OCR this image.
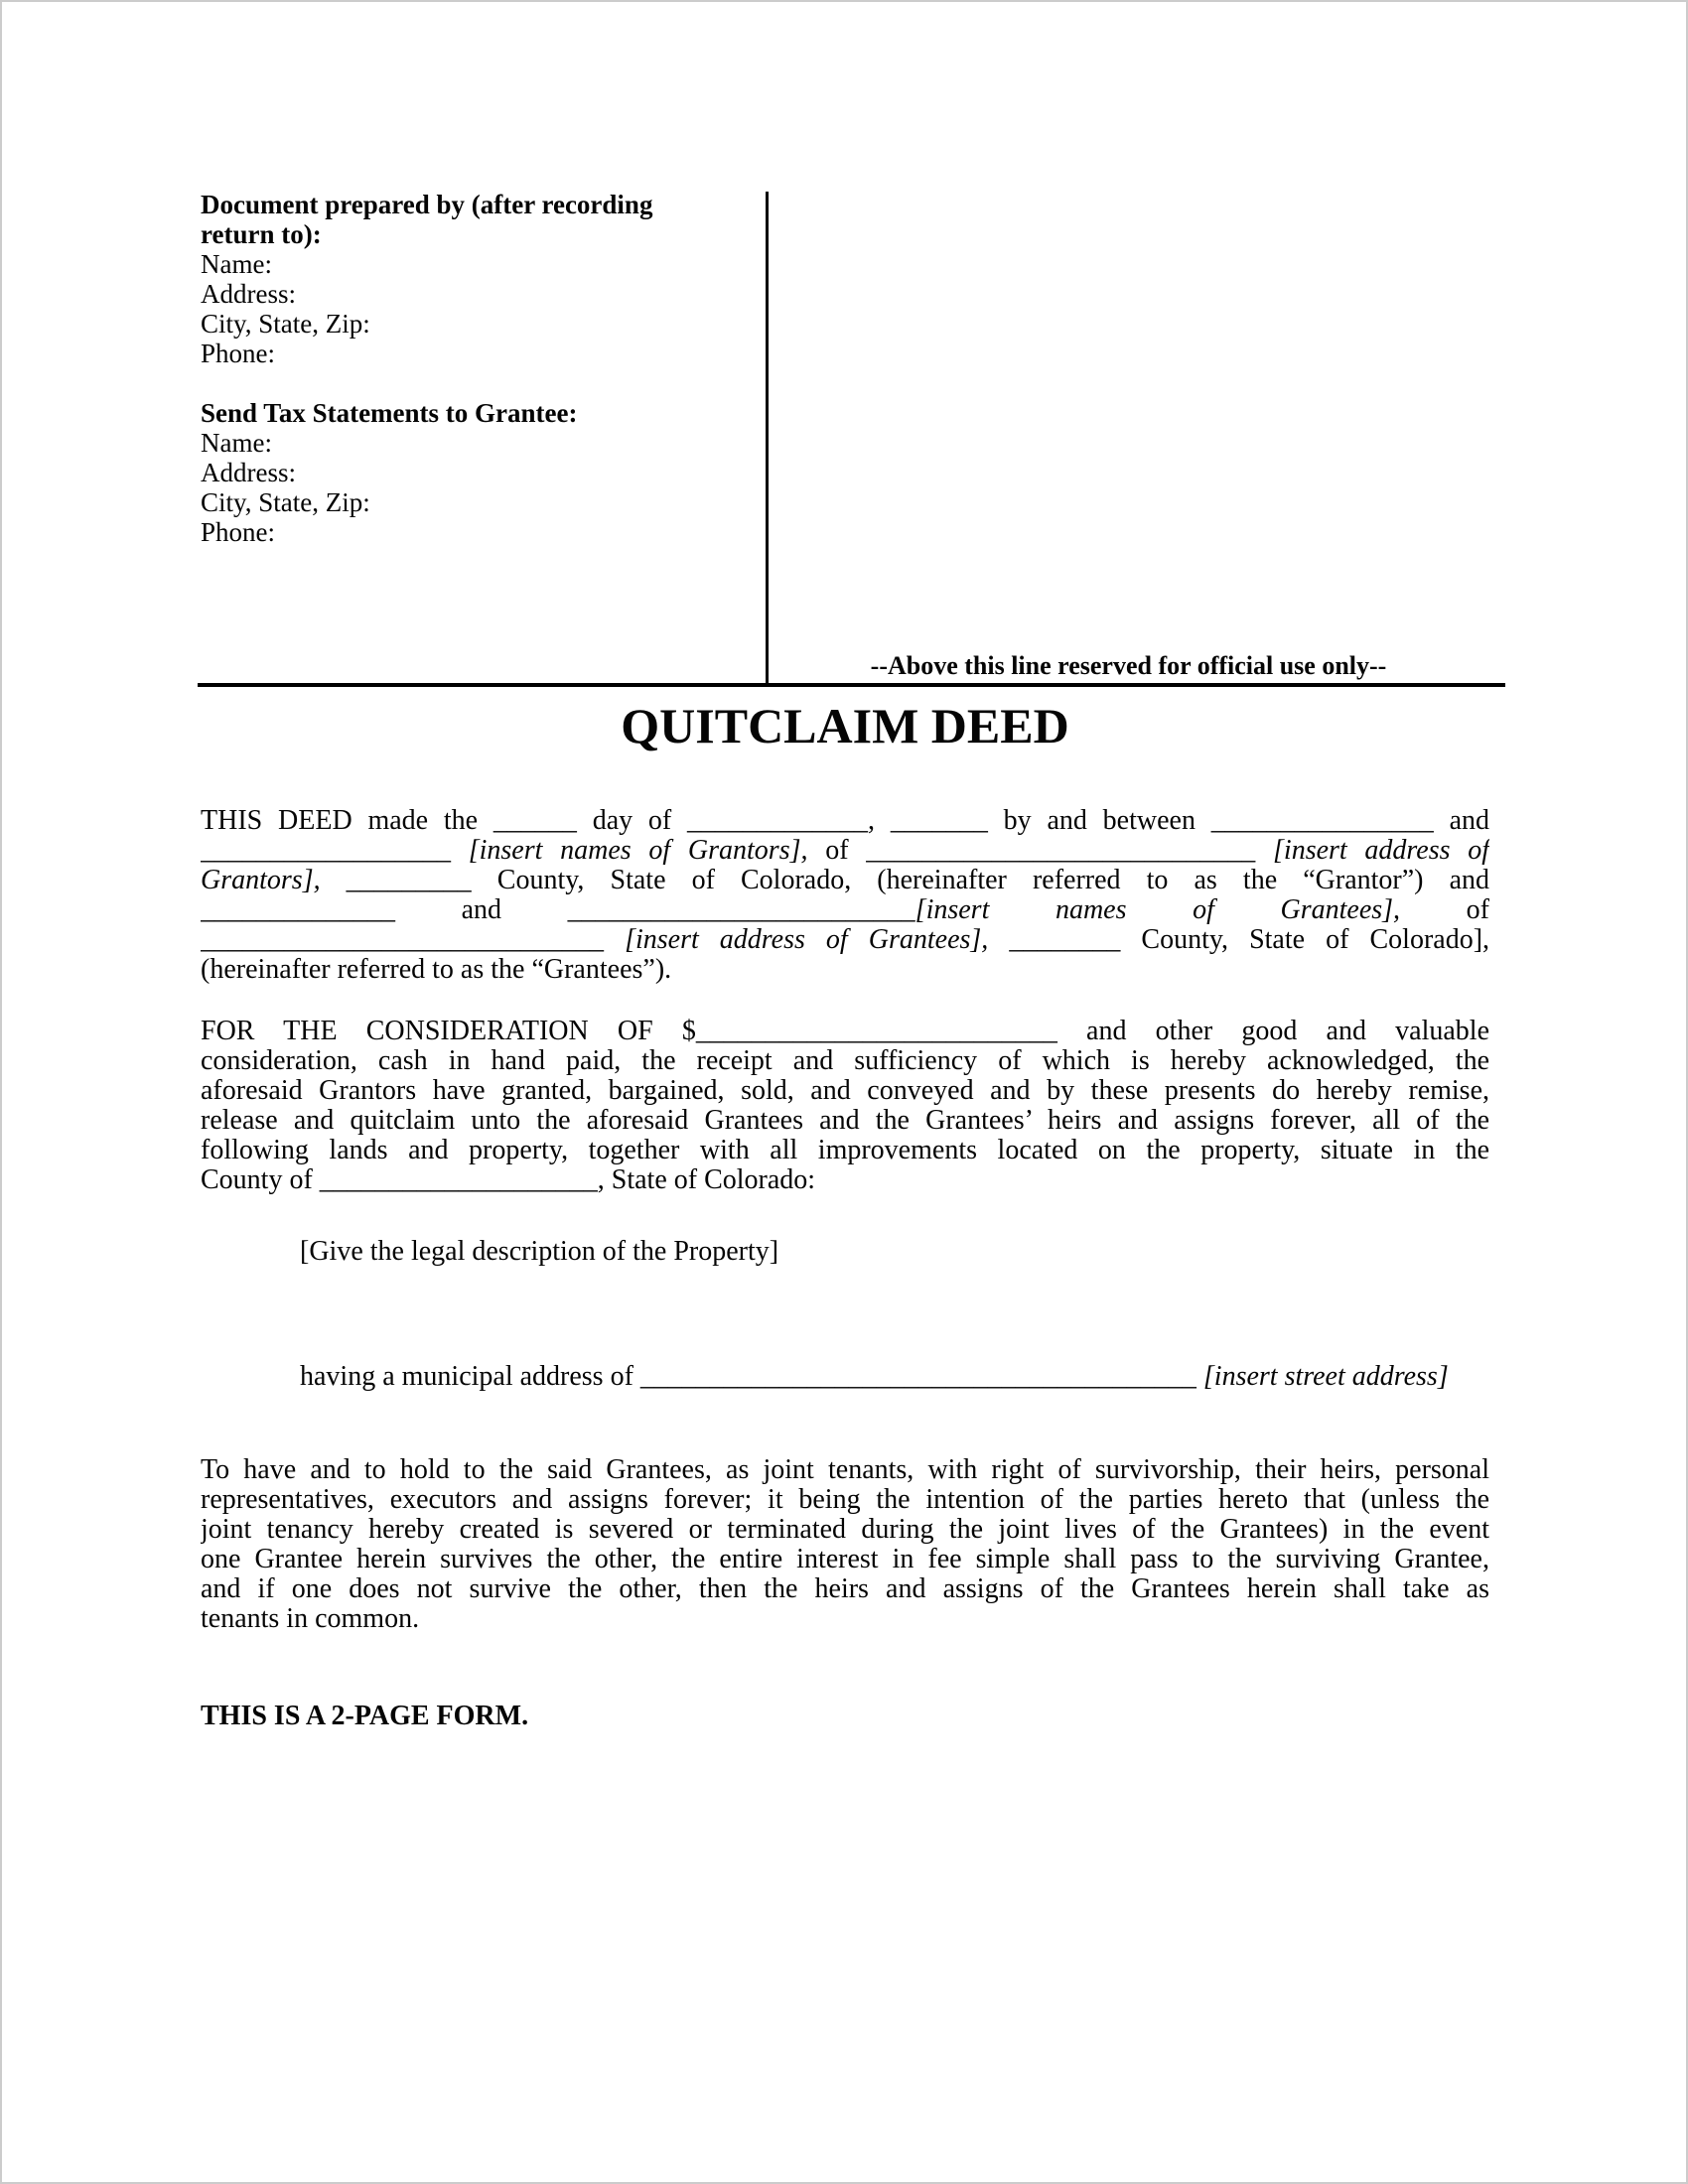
Document prepared by (after recording
return to):
Name:
Address:
City, State, Zip:
Phone:
Send Tax Statements to Grantee:
Name:
Address:
City, State, Zip:
Phone:
--Above this line reserved for official use only--
QUITCLAIM DEED
THIS DEED made the ______ day of _____________, _______ by and between ________________ and
__________________ [insert names of Grantors], of ____________________________ [insert address of
Grantors], _________ County, State of Colorado, (hereinafter referred to as the “Grantor”) and
______________ and _________________________[insert names of Grantees], of
_____________________________ [insert address of Grantees], ________ County, State of Colorado],
(hereinafter referred to as the “Grantees”).
FOR THE CONSIDERATION OF $__________________________ and other good and valuable
consideration, cash in hand paid, the receipt and sufficiency of which is hereby acknowledged, the
aforesaid Grantors have granted, bargained, sold, and conveyed and by these presents do hereby remise,
release and quitclaim unto the aforesaid Grantees and the Grantees’ heirs and assigns forever, all of the
following lands and property, together with all improvements located on the property, situate in the
County of ____________________, State of Colorado:
[Give the legal description of the Property]
having a municipal address of ________________________________________ [insert street address]
To have and to hold to the said Grantees, as joint tenants, with right of survivorship, their heirs, personal
representatives, executors and assigns forever; it being the intention of the parties hereto that (unless the
joint tenancy hereby created is severed or terminated during the joint lives of the Grantees) in the event
one Grantee herein survives the other, the entire interest in fee simple shall pass to the surviving Grantee,
and if one does not survive the other, then the heirs and assigns of the Grantees herein shall take as
tenants in common.
THIS IS A 2-PAGE FORM.
